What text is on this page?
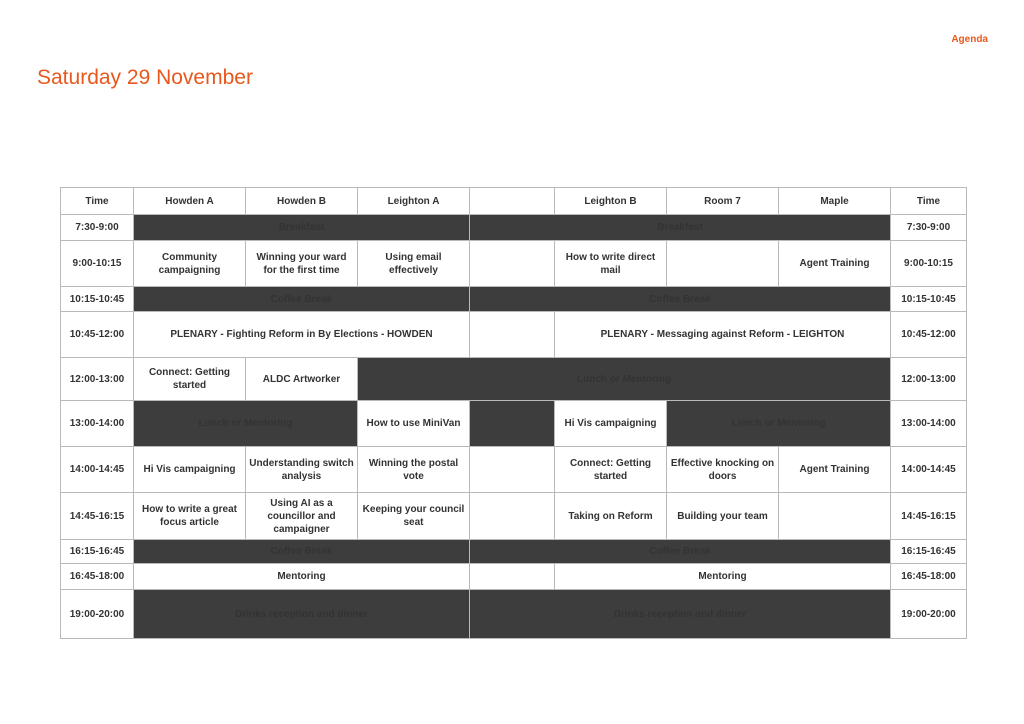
Agenda
Saturday 29 November
Time	Howden A	Howden B	Leighton A		Leighton B	Room 7	Maple	Time
7:30-9:00	Breakfast			Breakfast				7:30-9:00
9:00-10:15	Community campaigning	Winning your ward for the first time	Using email effectively		How to write direct mail		Agent Training	9:00-10:15
10:15-10:45	Coffee Break			Coffee Break				10:15-10:45
10:45-12:00	PLENARY - Fighting Reform in By Elections - HOWDEN				PLENARY - Messaging against Reform - LEIGHTON			10:45-12:00
12:00-13:00	Connect: Getting started	ALDC Artworker	Lunch or Mentoring					12:00-13:00
13:00-14:00	Lunch or Mentoring		How to use MiniVan		Hi Vis campaigning	Lunch or Mentoring		13:00-14:00
14:00-14:45	Hi Vis campaigning	Understanding switch analysis	Winning the postal vote		Connect: Getting started	Effective knocking on doors	Agent Training	14:00-14:45
14:45-16:15	How to write a great focus article	Using AI as a councillor and campaigner	Keeping your council seat		Taking on Reform	Building your team		14:45-16:15
16:15-16:45	Coffee Break			Coffee Break				16:15-16:45
16:45-18:00	Mentoring				Mentoring			16:45-18:00
19:00-20:00	Drinks reception and dinner			Drinks reception and dinner				19:00-20:00
